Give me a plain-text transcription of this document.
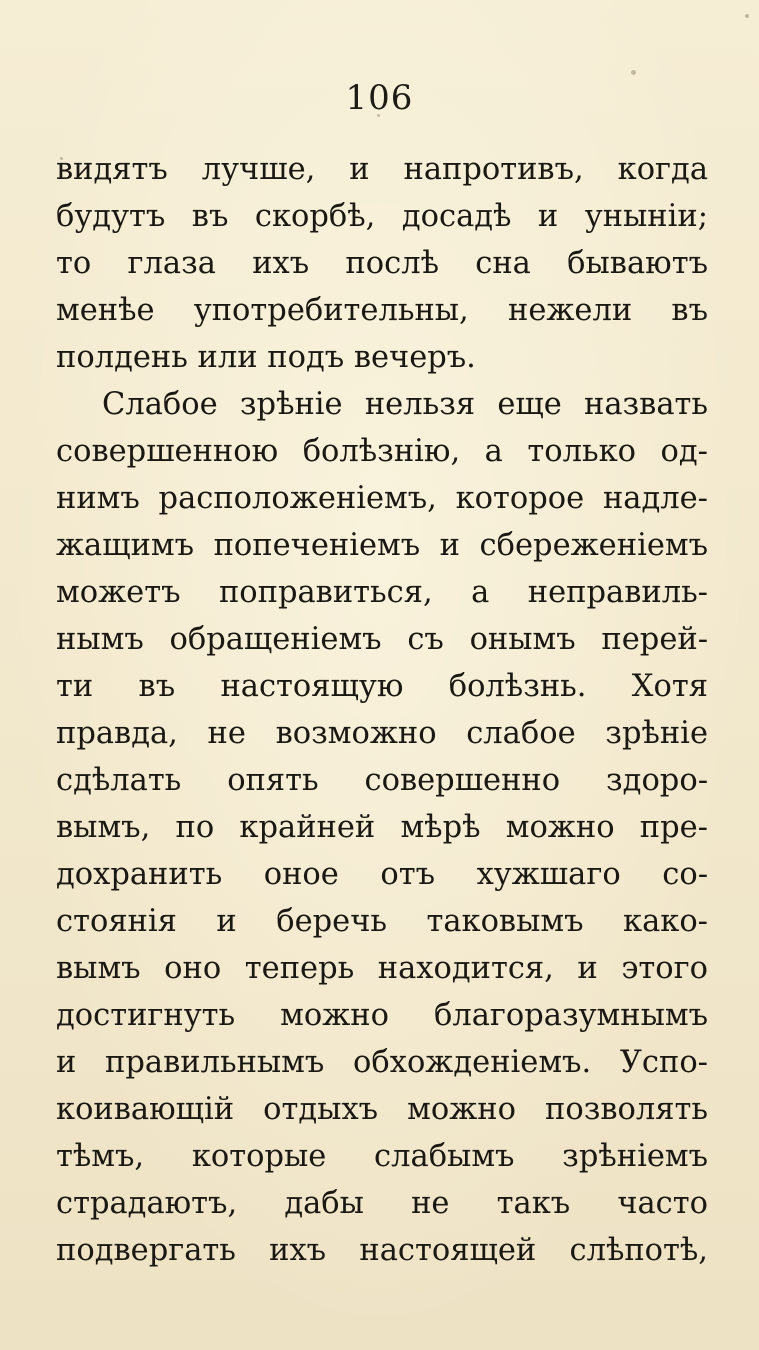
106
видятъ лучше, и напротивъ, когда
будутъ въ скорбѣ, досадѣ и унынiи;
то глаза ихъ послѣ сна бываютъ
менѣе употребительны, нежели въ
полдень или подъ вечеръ.
Слабое зрѣнiе нельзя еще назвать
совершенною болѣзнiю, а только од-
нимъ расположенiемъ, которое надле-
жащимъ попеченiемъ и сбереженiемъ
можетъ поправиться, а неправиль-
нымъ обращенiемъ съ онымъ перей-
ти въ настоящую болѣзнь. Хотя
правда, не возможно слабое зрѣнiе
сдѣлать опять совершенно здоро-
вымъ, по крайней мѣрѣ можно пре-
дохранить оное отъ хужшаго со-
стоянiя и беречь таковымъ како-
вымъ оно теперь находится, и этого
достигнуть можно благоразумнымъ
и правильнымъ обхожденiемъ. Успо-
коивающiй отдыхъ можно позволять
тѣмъ, которые слабымъ зрѣнiемъ
страдаютъ, дабы не такъ часто
подвергать ихъ настоящей слѣпотѣ,
